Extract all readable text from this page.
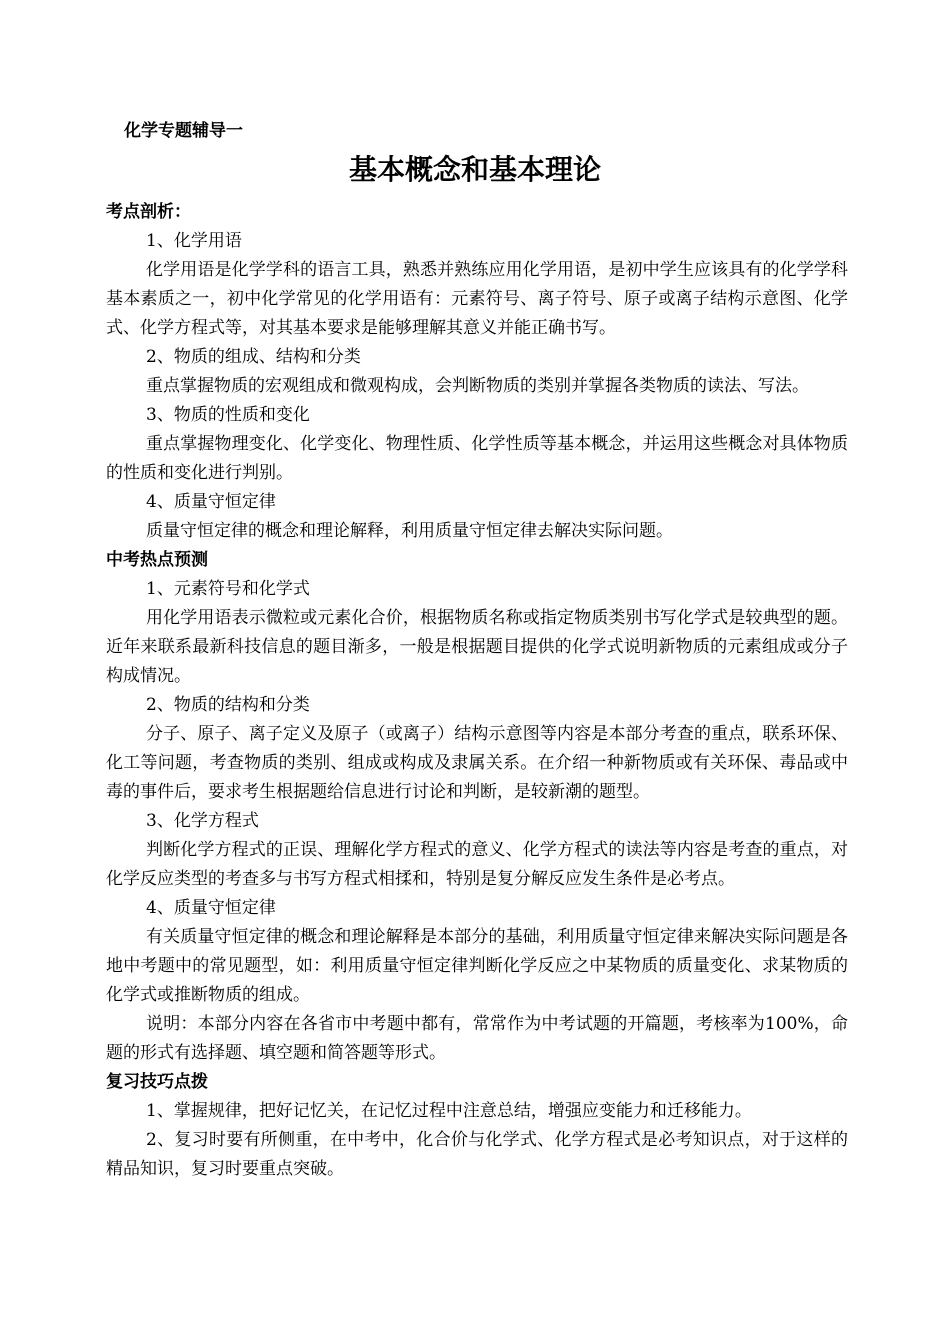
化学专题辅导一
基本概念和基本理论

考点剖析：

1、化学用语

化学用语是化学学科的语言工具，熟悉并熟练应用化学用语，是初中学生应该具有的化学学科基本素质之一，初中化学常见的化学用语有：元素符号、离子符号、原子或离子结构示意图、化学式、化学方程式等，对其基本要求是能够理解其意义并能正确书写。

2、物质的组成、结构和分类

重点掌握物质的宏观组成和微观构成，会判断物质的类别并掌握各类物质的读法、写法。

3、物质的性质和变化

重点掌握物理变化、化学变化、物理性质、化学性质等基本概念，并运用这些概念对具体物质的性质和变化进行判别。

4、质量守恒定律

质量守恒定律的概念和理论解释，利用质量守恒定律去解决实际问题。

中考热点预测

1、元素符号和化学式

用化学用语表示微粒或元素化合价，根据物质名称或指定物质类别书写化学式是较典型的题。近年来联系最新科技信息的题目渐多，一般是根据题目提供的化学式说明新物质的元素组成或分子构成情况。

2、物质的结构和分类

分子、原子、离子定义及原子（或离子）结构示意图等内容是本部分考查的重点，联系环保、化工等问题，考查物质的类别、组成或构成及隶属关系。在介绍一种新物质或有关环保、毒品或中毒的事件后，要求考生根据题给信息进行讨论和判断，是较新潮的题型。

3、化学方程式

判断化学方程式的正误、理解化学方程式的意义、化学方程式的读法等内容是考查的重点，对化学反应类型的考查多与书写方程式相揉和，特别是复分解反应发生条件是必考点。

4、质量守恒定律

有关质量守恒定律的概念和理论解释是本部分的基础，利用质量守恒定律来解决实际问题是各地中考题中的常见题型，如：利用质量守恒定律判断化学反应之中某物质的质量变化、求某物质的化学式或推断物质的组成。

说明：本部分内容在各省市中考题中都有，常常作为中考试题的开篇题，考核率为100%，命题的形式有选择题、填空题和简答题等形式。

复习技巧点拨

1、掌握规律，把好记忆关，在记忆过程中注意总结，增强应变能力和迁移能力。

2、复习时要有所侧重，在中考中，化合价与化学式、化学方程式是必考知识点，对于这样的精品知识，复习时要重点突破。
